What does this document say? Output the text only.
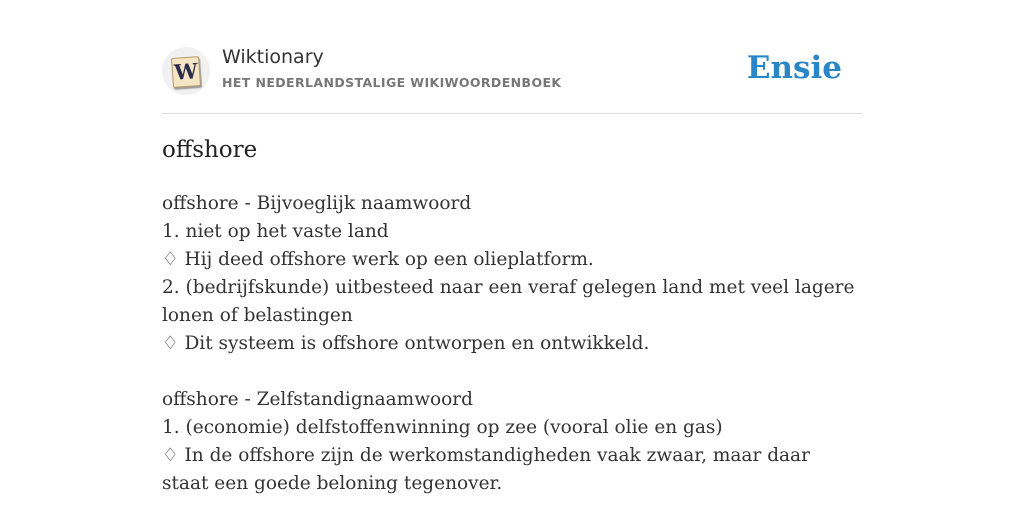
W
Wiktionary
HET NEDERLANDSTALIGE WIKIWOORDENBOEK	Ensie
offshore
offshore - Bijvoeglijk naamwoord
1. niet op het vaste land
♢ Hij deed offshore werk op een olieplatform.
2. (bedrijfskunde) uitbesteed naar een veraf gelegen land met veel lagere lonen of belastingen
♢ Dit systeem is offshore ontworpen en ontwikkeld.
offshore - Zelfstandignaamwoord
1. (economie) delfstoffenwinning op zee (vooral olie en gas)
♢ In de offshore zijn de werkomstandigheden vaak zwaar, maar daar staat een goede beloning tegenover.
